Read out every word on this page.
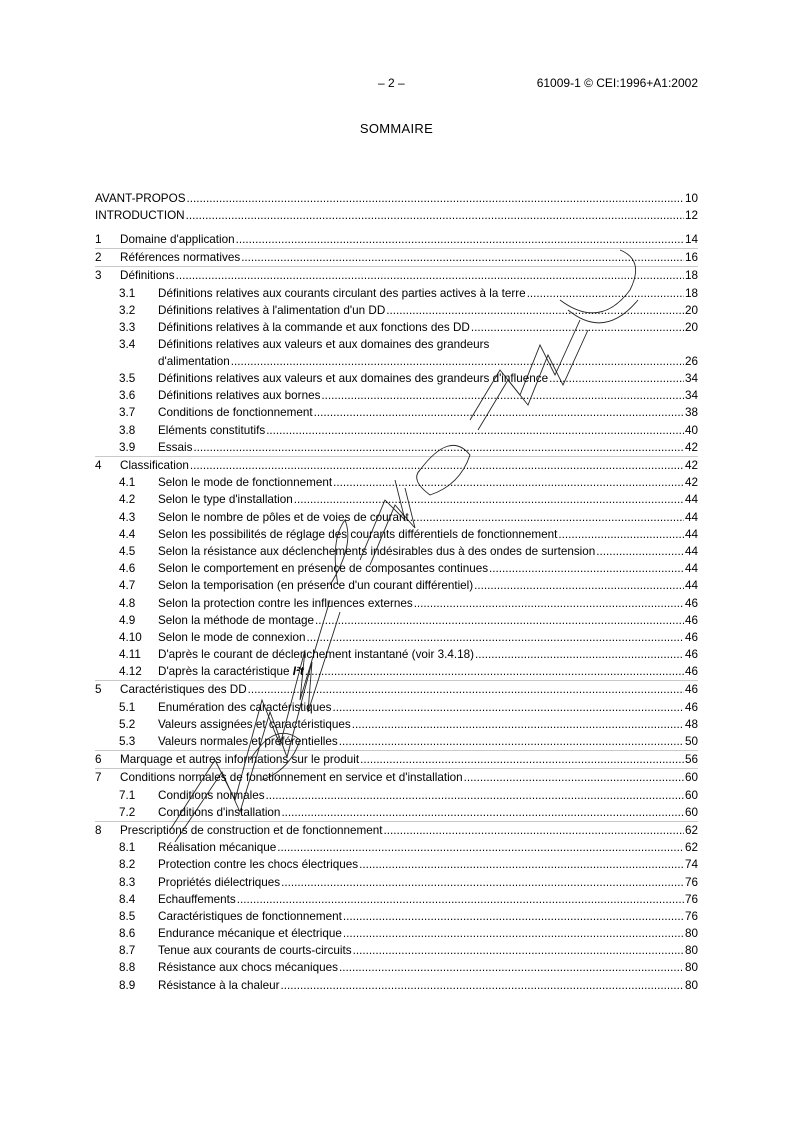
– 2 –	61009-1 © CEI:1996+A1:2002
SOMMAIRE
AVANT-PROPOS .....	10
INTRODUCTION .....	12
1 Domaine d'application .....	14
2 Références normatives .....	16
3 Définitions .....	18
3.1 Définitions relatives aux courants circulant des parties actives à la terre .....	18
3.2 Définitions relatives à l'alimentation d'un DD .....	20
3.3 Définitions relatives à la commande et aux fonctions des DD .....	20
3.4 Définitions relatives aux valeurs et aux domaines des grandeurs
d'alimentation .....	26
3.5 Définitions relatives aux valeurs et aux domaines des grandeurs d'influence .....	34
3.6 Définitions relatives aux bornes .....	34
3.7 Conditions de fonctionnement .....	38
3.8 Eléments constitutifs .....	40
3.9 Essais .....	42
4 Classification .....	42
4.1 Selon le mode de fonctionnement .....	42
4.2 Selon le type d'installation .....	44
4.3 Selon le nombre de pôles et de voies de courant .....	44
4.4 Selon les possibilités de réglage des courants différentiels de fonctionnement .....	44
4.5 Selon la résistance aux déclenchements indésirables dus à des ondes de surtension .....	44
4.6 Selon le comportement en présence de composantes continues .....	44
4.7 Selon la temporisation (en présence d'un courant différentiel) .....	44
4.8 Selon la protection contre les influences externes .....	46
4.9 Selon la méthode de montage .....	46
4.10 Selon le mode de connexion .....	46
4.11 D'après le courant de déclenchement instantané (voir 3.4.18) .....	46
4.12 D'après la caractéristique I²t .....	46
5 Caractéristiques des DD .....	46
5.1 Enumération des caractéristiques .....	46
5.2 Valeurs assignées et caractéristiques .....	48
5.3 Valeurs normales et préférentielles .....	50
6 Marquage et autres informations sur le produit .....	56
7 Conditions normales de fonctionnement en service et d'installation .....	60
7.1 Conditions normales .....	60
7.2 Conditions d'installation .....	60
8 Prescriptions de construction et de fonctionnement .....	62
8.1 Réalisation mécanique .....	62
8.2 Protection contre les chocs électriques .....	74
8.3 Propriétés diélectriques .....	76
8.4 Echauffements .....	76
8.5 Caractéristiques de fonctionnement .....	76
8.6 Endurance mécanique et électrique .....	80
8.7 Tenue aux courants de courts-circuits .....	80
8.8 Résistance aux chocs mécaniques .....	80
8.9 Résistance à la chaleur .....	80
